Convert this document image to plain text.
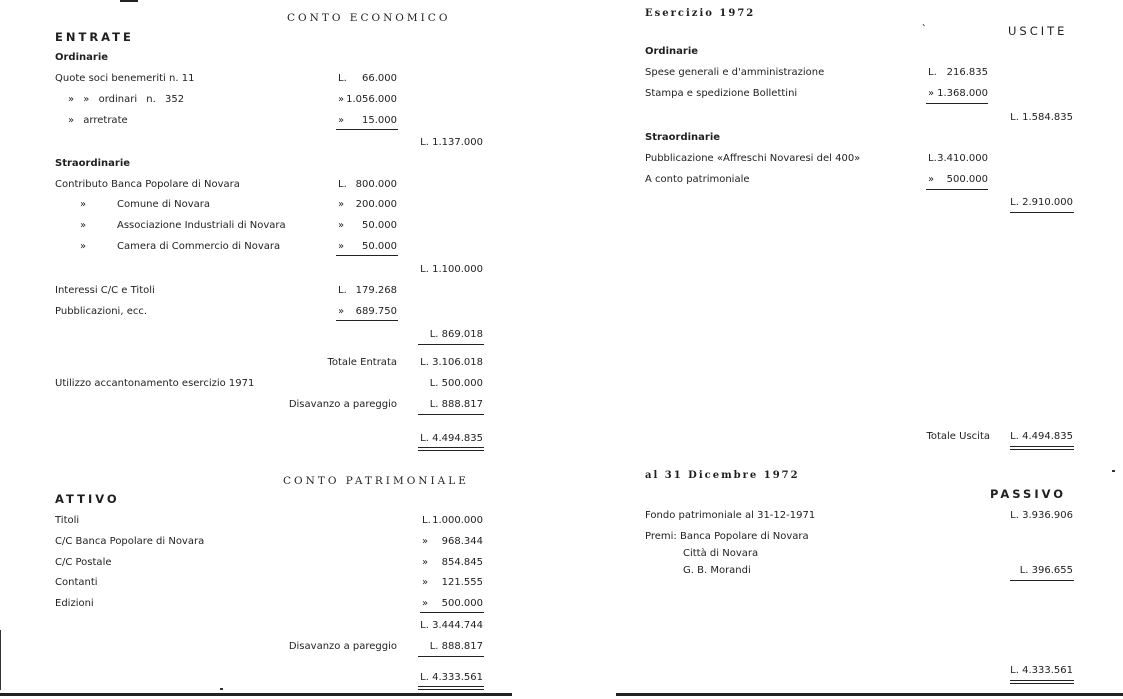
CONTO ECONOMICO
ENTRATE
Ordinarie
Quote soci benemeriti n. 11	L.	66.000
» » ordinari n. 352	» 1.056.000
» arretrate	»	15.000
L. 1.137.000
Straordinarie
Contributo Banca Popolare di Novara	L. 800.000
»	Comune di Novara	»	200.000
»	Associazione Industriali di Novara	»	50.000
»	Camera di Commercio di Novara	»	50.000
L. 1.100.000
Interessi C/C e Titoli	L. 179.268
Pubblicazioni, ecc.	»	689.750
L. 869.018
Totale Entrata	L. 3.106.018
Utilizzo accantonamento esercizio 1971	L. 500.000
Disavanzo a pareggio	L. 888.817
L. 4.494.835
CONTO PATRIMONIALE
ATTIVO
Titoli	L. 1.000.000
C/C Banca Popolare di Novara	»	968.344
C/C Postale	»	854.845
Contanti	»	121.555
Edizioni	»	500.000
L. 3.444.744
Disavanzo a pareggio	L. 888.817
L. 4.333.561
Esercizio 1972
ˎ
USCITE
Ordinarie
Spese generali e d'amministrazione	L. 216.835
Stampa e spedizione Bollettini	» 1.368.000
L. 1.584.835
Straordinarie
Pubblicazione «Affreschi Novaresi del 400»	L. 3.410.000
A conto patrimoniale	»	500.000
L. 2.910.000
Totale Uscita	L. 4.494.835
al 31 Dicembre 1972
PASSIVO
Fondo patrimoniale al 31-12-1971	L. 3.936.906
Premi: Banca Popolare di Novara
Città di Novara
G. B. Morandi	L. 396.655
L. 4.333.561
